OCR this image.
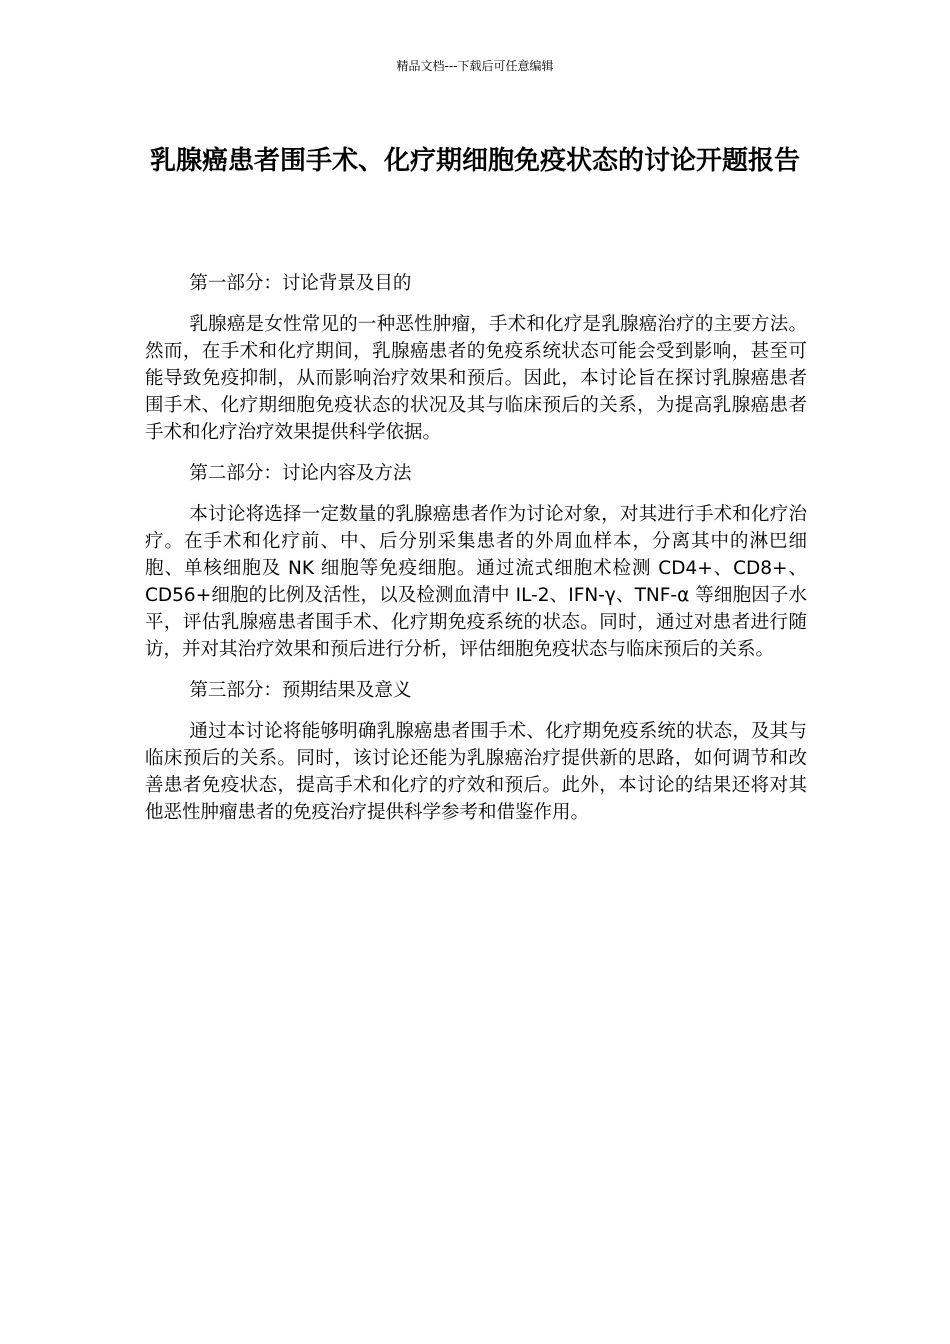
精品文档---下载后可任意编辑
乳腺癌患者围手术、化疗期细胞免疫状态的讨论开题报告

第一部分：讨论背景及目的

乳腺癌是女性常见的一种恶性肿瘤，手术和化疗是乳腺癌治疗的主要方法。然而，在手术和化疗期间，乳腺癌患者的免疫系统状态可能会受到影响，甚至可能导致免疫抑制，从而影响治疗效果和预后。因此，本讨论旨在探讨乳腺癌患者围手术、化疗期细胞免疫状态的状况及其与临床预后的关系，为提高乳腺癌患者手术和化疗治疗效果提供科学依据。

第二部分：讨论内容及方法

本讨论将选择一定数量的乳腺癌患者作为讨论对象，对其进行手术和化疗治疗。在手术和化疗前、中、后分别采集患者的外周血样本，分离其中的淋巴细胞、单核细胞及 NK 细胞等免疫细胞。通过流式细胞术检测 CD4+、CD8+、CD56+细胞的比例及活性，以及检测血清中 IL-2、IFN-γ、TNF-α 等细胞因子水平，评估乳腺癌患者围手术、化疗期免疫系统的状态。同时，通过对患者进行随访，并对其治疗效果和预后进行分析，评估细胞免疫状态与临床预后的关系。

第三部分：预期结果及意义

通过本讨论将能够明确乳腺癌患者围手术、化疗期免疫系统的状态，及其与临床预后的关系。同时，该讨论还能为乳腺癌治疗提供新的思路，如何调节和改善患者免疫状态，提高手术和化疗的疗效和预后。此外，本讨论的结果还将对其他恶性肿瘤患者的免疫治疗提供科学参考和借鉴作用。
